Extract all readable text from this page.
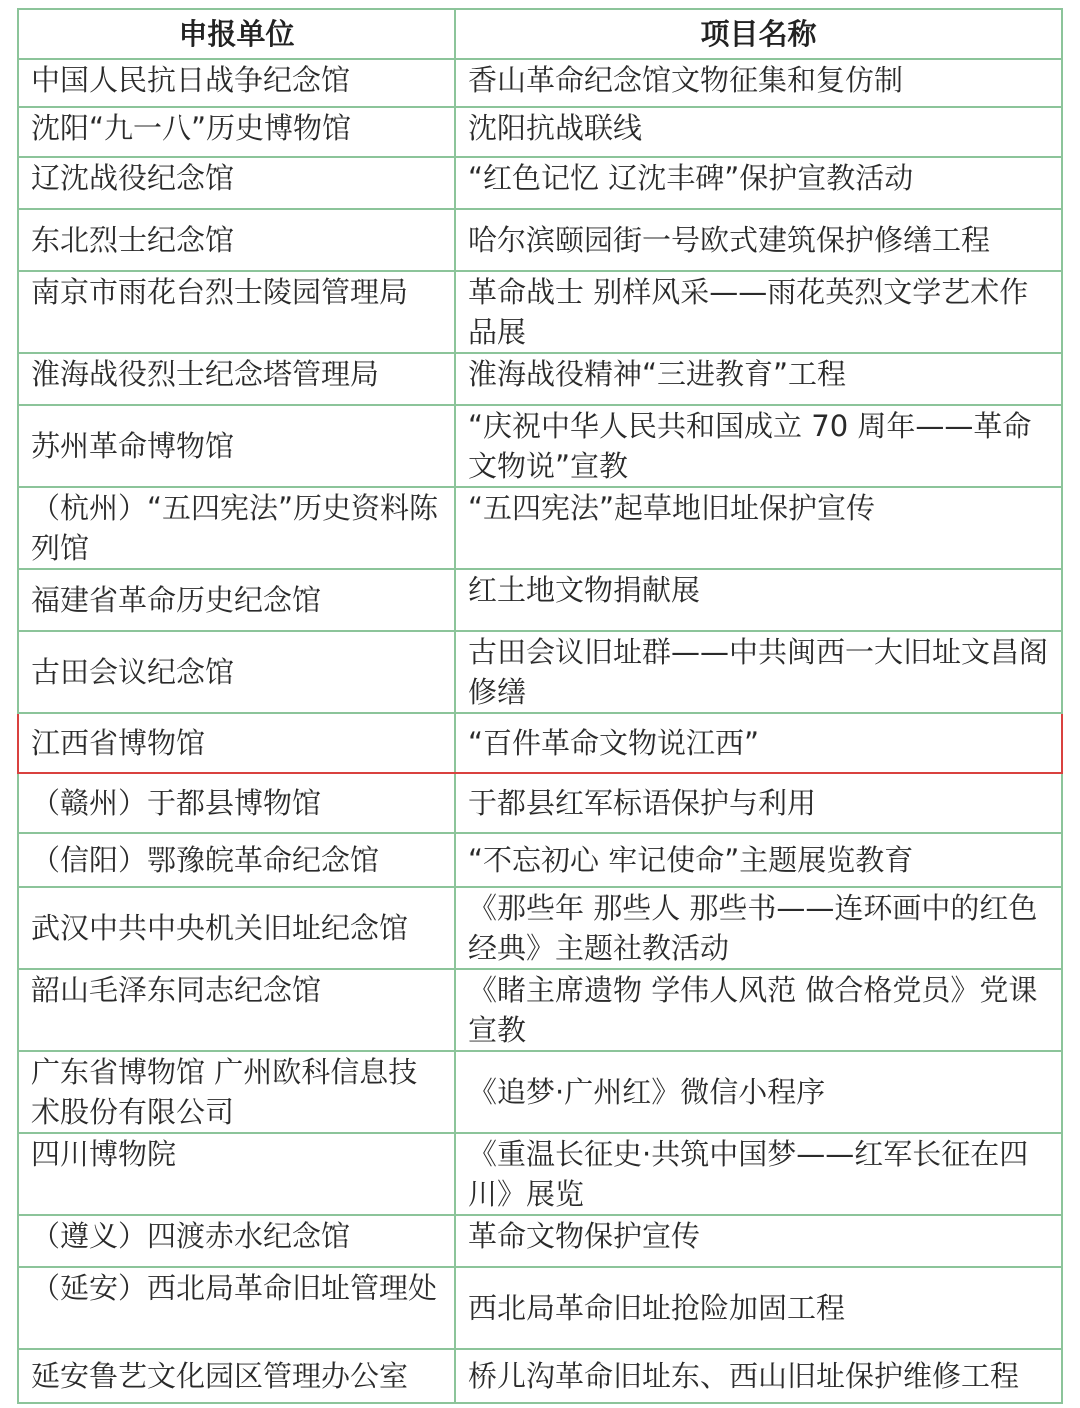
申报单位	项目名称
中国人民抗日战争纪念馆	香山革命纪念馆文物征集和复仿制
沈阳“九一八”历史博物馆	沈阳抗战联线
辽沈战役纪念馆	“红色记忆 辽沈丰碑”保护宣教活动
东北烈士纪念馆	哈尔滨颐园街一号欧式建筑保护修缮工程
南京市雨花台烈士陵园管理局	革命战士 别样风采——雨花英烈文学艺术作品展
淮海战役烈士纪念塔管理局	淮海战役精神“三进教育”工程
苏州革命博物馆	“庆祝中华人民共和国成立 70 周年——革命文物说”宣教
（杭州）“五四宪法”历史资料陈列馆	“五四宪法”起草地旧址保护宣传
福建省革命历史纪念馆	红土地文物捐献展
古田会议纪念馆	古田会议旧址群——中共闽西一大旧址文昌阁修缮
江西省博物馆	“百件革命文物说江西”
（赣州）于都县博物馆	于都县红军标语保护与利用
（信阳）鄂豫皖革命纪念馆	“不忘初心 牢记使命”主题展览教育
武汉中共中央机关旧址纪念馆	《那些年 那些人 那些书——连环画中的红色经典》主题社教活动
韶山毛泽东同志纪念馆	《睹主席遗物 学伟人风范 做合格党员》党课宣教
广东省博物馆 广州欧科信息技术股份有限公司	《追梦·广州红》微信小程序
四川博物院	《重温长征史·共筑中国梦——红军长征在四川》展览
（遵义）四渡赤水纪念馆	革命文物保护宣传
（延安）西北局革命旧址管理处	西北局革命旧址抢险加固工程
延安鲁艺文化园区管理办公室	桥儿沟革命旧址东、西山旧址保护维修工程
